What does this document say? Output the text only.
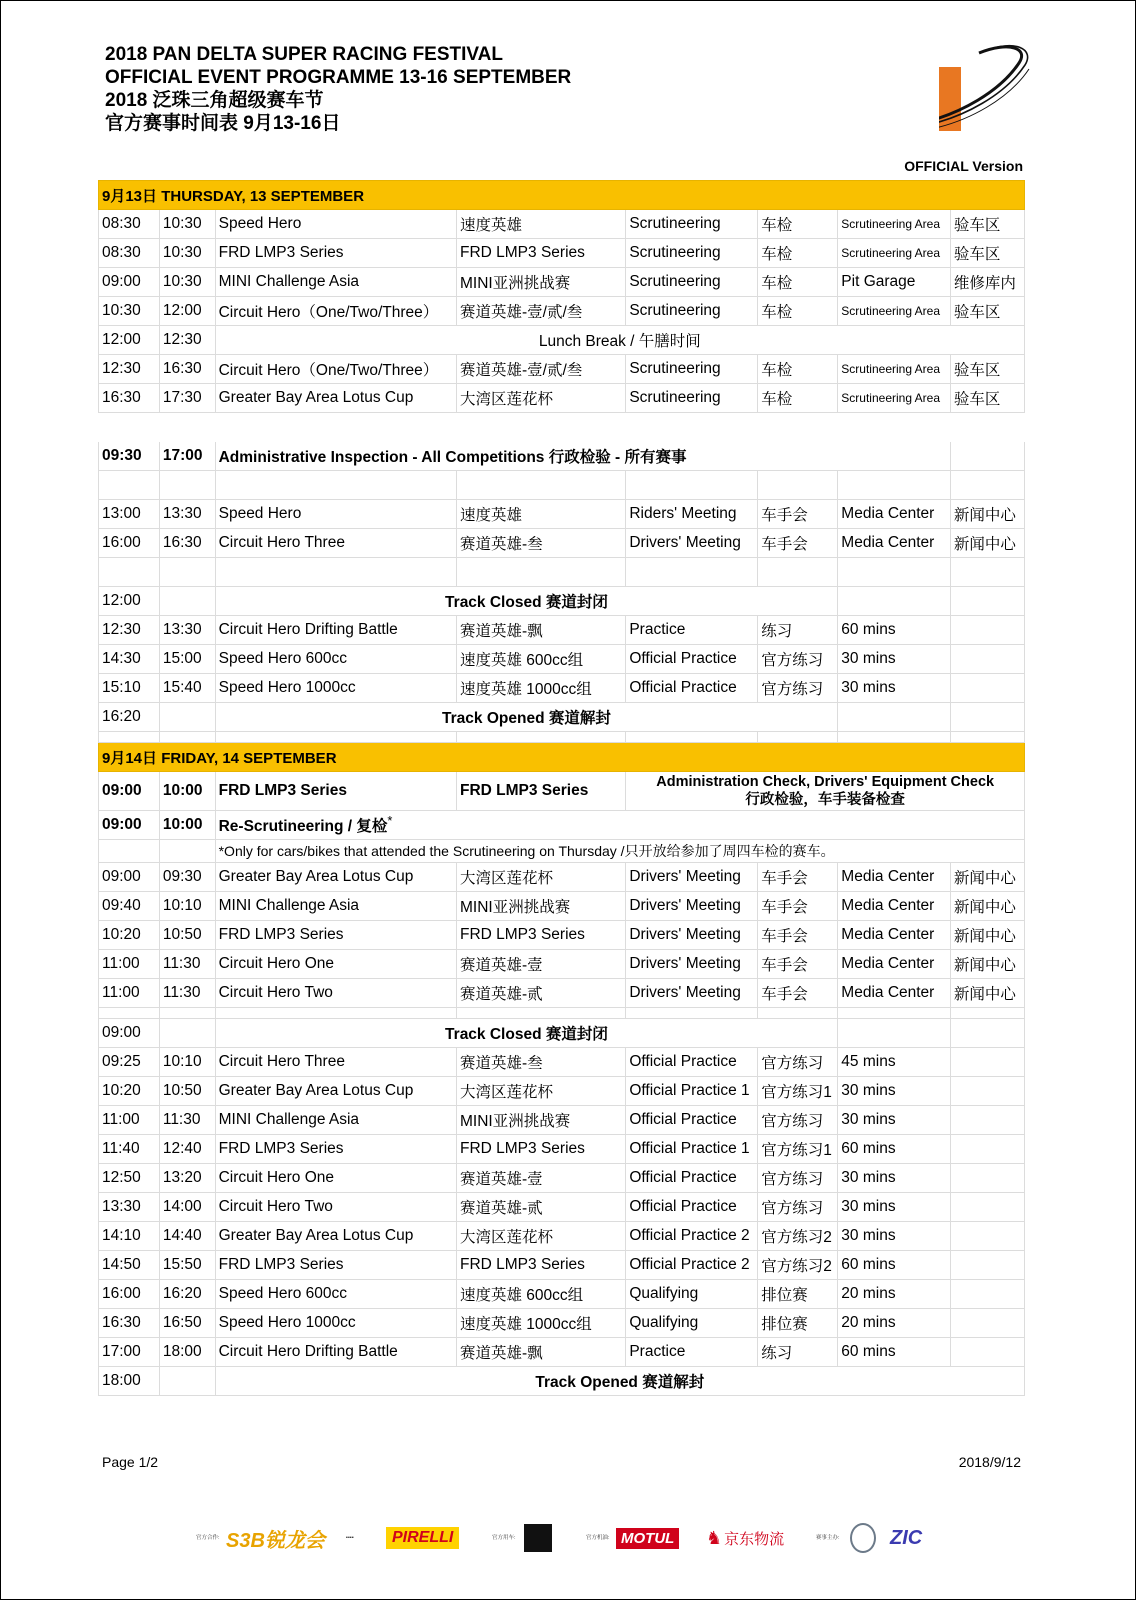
2018 PAN DELTA SUPER RACING FESTIVAL
OFFICIAL EVENT PROGRAMME 13-16 SEPTEMBER
2018 泛珠三角超级赛车节
官方赛事时间表 9月13-16日
OFFICIAL Version
9月13日 THURSDAY, 13 SEPTEMBER							
08:30	10:30	Speed Hero	速度英雄	Scrutineering	车检	Scrutineering Area	验车区
08:30	10:30	FRD LMP3 Series	FRD LMP3 Series	Scrutineering	车检	Scrutineering Area	验车区
09:00	10:30	MINI Challenge Asia	MINI亚洲挑战赛	Scrutineering	车检	Pit Garage	维修库内
10:30	12:00	Circuit Hero（One/Two/Three）	赛道英雄-壹/贰/叁	Scrutineering	车检	Scrutineering Area	验车区
12:00	12:30	Lunch Break / 午膳时间					
12:30	16:30	Circuit Hero（One/Two/Three）	赛道英雄-壹/贰/叁	Scrutineering	车检	Scrutineering Area	验车区
16:30	17:30	Greater Bay Area Lotus Cup	大湾区莲花杯	Scrutineering	车检	Scrutineering Area	验车区

09:30	17:00	Administrative Inspection - All Competitions 行政检验 - 所有赛事					

13:00	13:30	Speed Hero	速度英雄	Riders' Meeting	车手会	Media Center	新闻中心
16:00	16:30	Circuit Hero Three	赛道英雄-叁	Drivers' Meeting	车手会	Media Center	新闻中心

12:00		Track Closed 赛道封闭					
12:30	13:30	Circuit Hero Drifting Battle	赛道英雄-飘	Practice	练习	60 mins	
14:30	15:00	Speed Hero 600cc	速度英雄 600cc组	Official Practice	官方练习	30 mins	
15:10	15:40	Speed Hero 1000cc	速度英雄 1000cc组	Official Practice	官方练习	30 mins	
16:20		Track Opened 赛道解封					

9月14日 FRIDAY, 14 SEPTEMBER							
09:00	10:00	FRD LMP3 Series	FRD LMP3 Series	Administration Check, Drivers' Equipment Check
行政检验，车手装备检查			

09:00	10:00	Re-Scrutineering / 复检*
		*Only for cars/bikes that attended the Scrutineering on Thursday /只开放给参加了周四车检的赛车。					
09:00	09:30	Greater Bay Area Lotus Cup	大湾区莲花杯	Drivers' Meeting	车手会	Media Center	新闻中心
09:40	10:10	MINI Challenge Asia	MINI亚洲挑战赛	Drivers' Meeting	车手会	Media Center	新闻中心
10:20	10:50	FRD LMP3 Series	FRD LMP3 Series	Drivers' Meeting	车手会	Media Center	新闻中心
11:00	11:30	Circuit Hero One	赛道英雄-壹	Drivers' Meeting	车手会	Media Center	新闻中心
11:00	11:30	Circuit Hero Two	赛道英雄-贰	Drivers' Meeting	车手会	Media Center	新闻中心

09:00		Track Closed 赛道封闭					
09:25	10:10	Circuit Hero Three	赛道英雄-叁	Official Practice	官方练习	45 mins	
10:20	10:50	Greater Bay Area Lotus Cup	大湾区莲花杯	Official Practice 1	官方练习1	30 mins	
11:00	11:30	MINI Challenge Asia	MINI亚洲挑战赛	Official Practice	官方练习	30 mins	
11:40	12:40	FRD LMP3 Series	FRD LMP3 Series	Official Practice 1	官方练习1	60 mins	
12:50	13:20	Circuit Hero One	赛道英雄-壹	Official Practice	官方练习	30 mins	
13:30	14:00	Circuit Hero Two	赛道英雄-贰	Official Practice	官方练习	30 mins	
14:10	14:40	Greater Bay Area Lotus Cup	大湾区莲花杯	Official Practice 2	官方练习2	30 mins	
14:50	15:50	FRD LMP3 Series	FRD LMP3 Series	Official Practice 2	官方练习2	60 mins	
16:00	16:20	Speed Hero 600cc	速度英雄 600cc组	Qualifying	排位赛	20 mins	
16:30	16:50	Speed Hero 1000cc	速度英雄 1000cc组	Qualifying	排位赛	20 mins	
17:00	18:00	Circuit Hero Drifting Battle	赛道英雄-飘	Practice	练习	60 mins	
18:00		Track Opened 赛道解封					
Page 1/2	2018/9/12
官方合作: S3B锐龙会	▪▪▪▪	PIRELLI	官方用车:	官方机油: MOTUL ♞ 京东物流	赛事主办:	ZIC
